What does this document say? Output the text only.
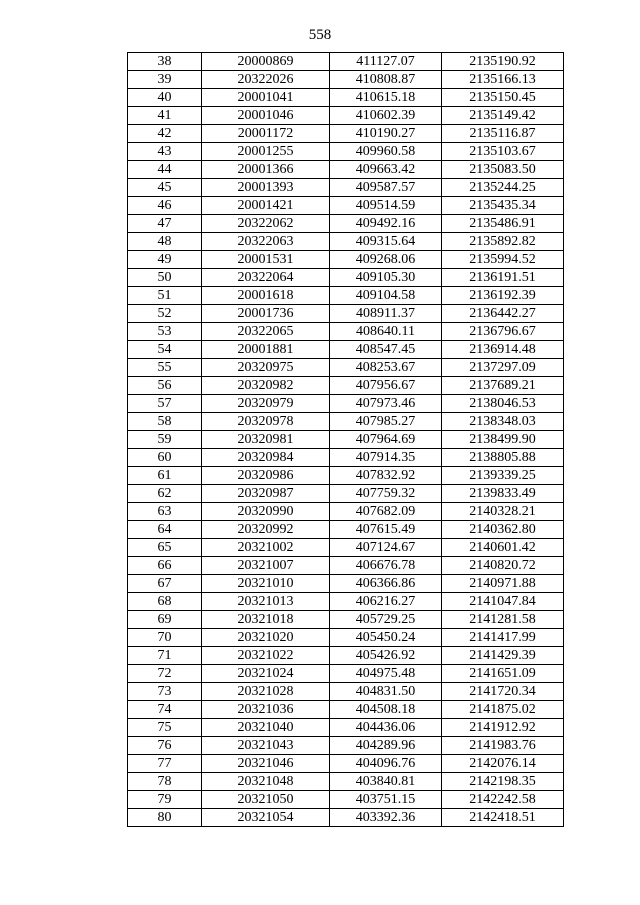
558
38	20000869	411127.07	2135190.92
39	20322026	410808.87	2135166.13
40	20001041	410615.18	2135150.45
41	20001046	410602.39	2135149.42
42	20001172	410190.27	2135116.87
43	20001255	409960.58	2135103.67
44	20001366	409663.42	2135083.50
45	20001393	409587.57	2135244.25
46	20001421	409514.59	2135435.34
47	20322062	409492.16	2135486.91
48	20322063	409315.64	2135892.82
49	20001531	409268.06	2135994.52
50	20322064	409105.30	2136191.51
51	20001618	409104.58	2136192.39
52	20001736	408911.37	2136442.27
53	20322065	408640.11	2136796.67
54	20001881	408547.45	2136914.48
55	20320975	408253.67	2137297.09
56	20320982	407956.67	2137689.21
57	20320979	407973.46	2138046.53
58	20320978	407985.27	2138348.03
59	20320981	407964.69	2138499.90
60	20320984	407914.35	2138805.88
61	20320986	407832.92	2139339.25
62	20320987	407759.32	2139833.49
63	20320990	407682.09	2140328.21
64	20320992	407615.49	2140362.80
65	20321002	407124.67	2140601.42
66	20321007	406676.78	2140820.72
67	20321010	406366.86	2140971.88
68	20321013	406216.27	2141047.84
69	20321018	405729.25	2141281.58
70	20321020	405450.24	2141417.99
71	20321022	405426.92	2141429.39
72	20321024	404975.48	2141651.09
73	20321028	404831.50	2141720.34
74	20321036	404508.18	2141875.02
75	20321040	404436.06	2141912.92
76	20321043	404289.96	2141983.76
77	20321046	404096.76	2142076.14
78	20321048	403840.81	2142198.35
79	20321050	403751.15	2142242.58
80	20321054	403392.36	2142418.51
